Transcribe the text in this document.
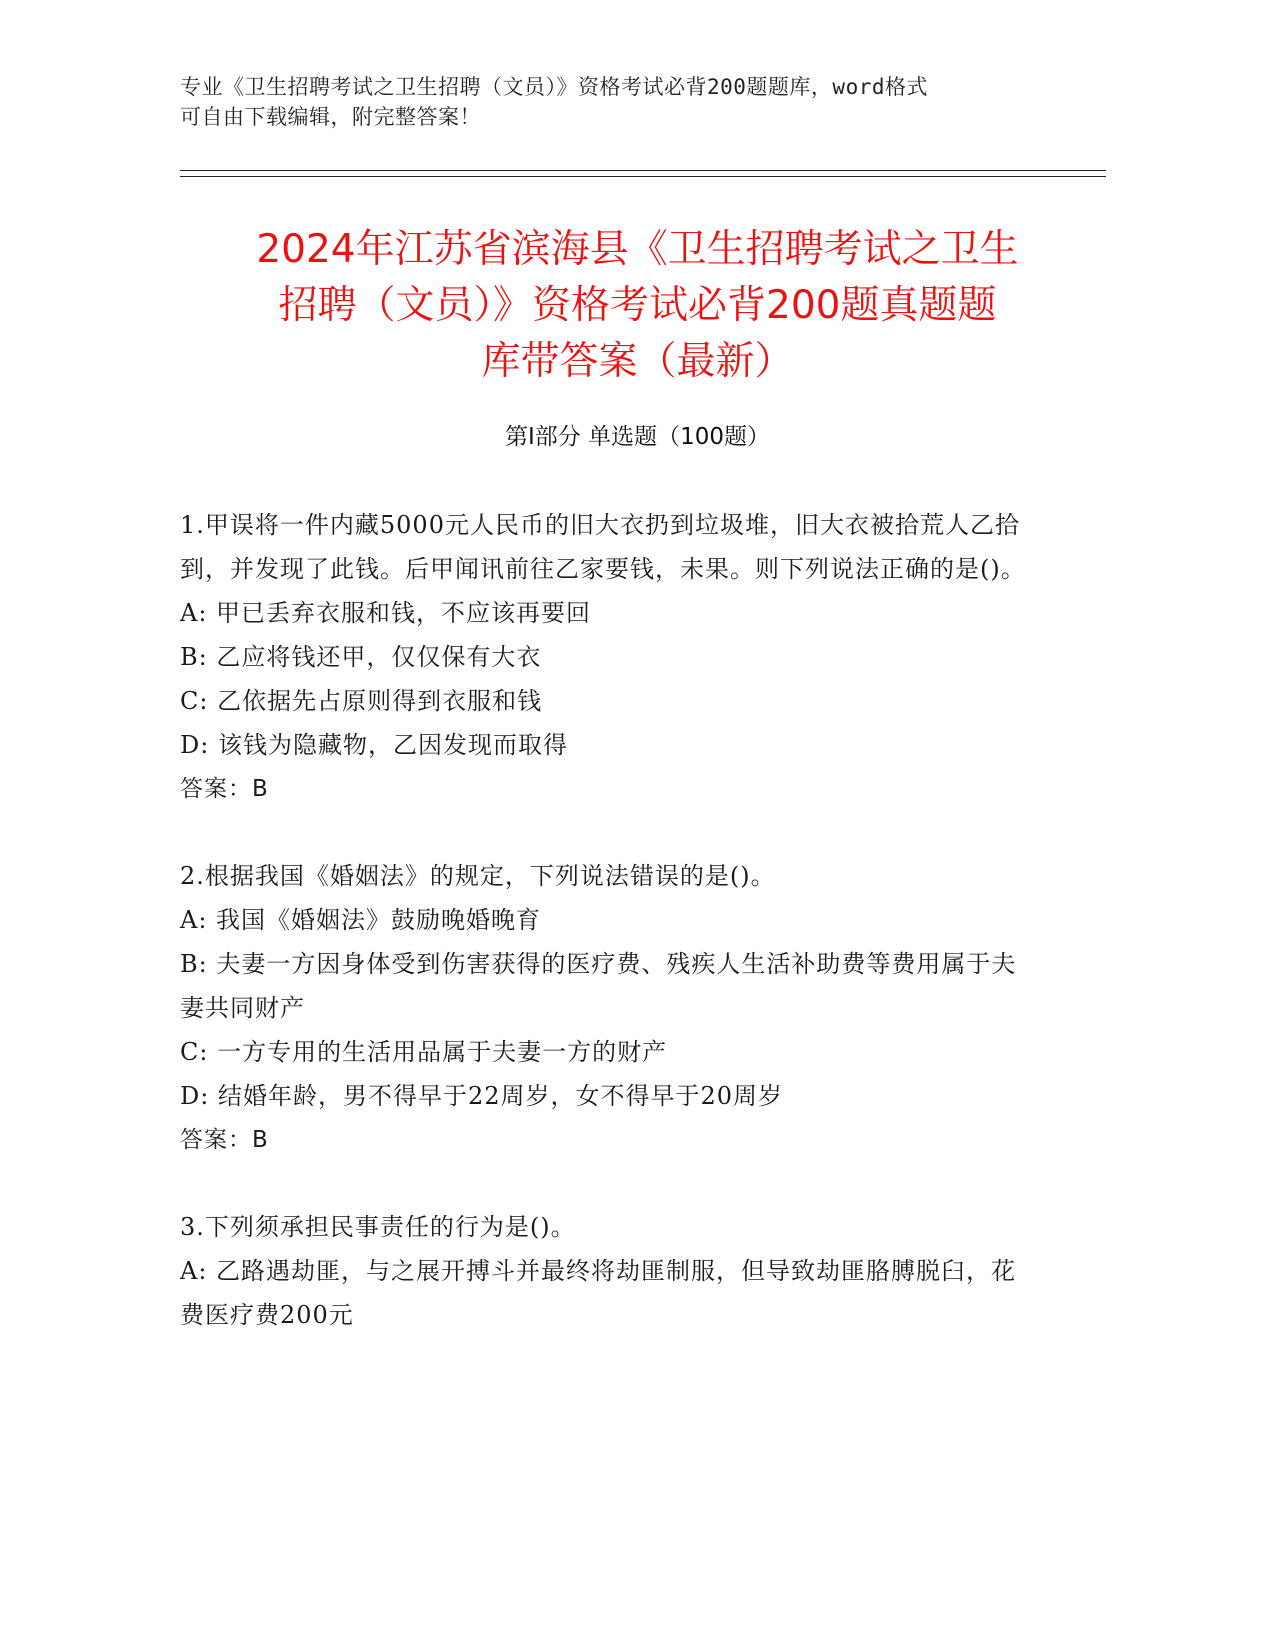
专业《卫生招聘考试之卫生招聘（文员）》资格考试必背200题题库，word格式
可自由下载编辑，附完整答案！
2024年江苏省滨海县《卫生招聘考试之卫生
招聘（文员）》资格考试必背200题真题题
库带答案（最新）
第Ⅰ部分 单选题（100题）

1.甲误将一件内藏5000元人民币的旧大衣扔到垃圾堆，旧大衣被拾荒人乙拾到，并发现了此钱。后甲闻讯前往乙家要钱，未果。则下列说法正确的是()。

A: 甲已丢弃衣服和钱，不应该再要回

B: 乙应将钱还甲，仅仅保有大衣

C: 乙依据先占原则得到衣服和钱

D: 该钱为隐藏物，乙因发现而取得

答案：B

2.根据我国《婚姻法》的规定，下列说法错误的是()。

A: 我国《婚姻法》鼓励晚婚晚育

B: 夫妻一方因身体受到伤害获得的医疗费、残疾人生活补助费等费用属于夫妻共同财产

C: 一方专用的生活用品属于夫妻一方的财产

D: 结婚年龄，男不得早于22周岁，女不得早于20周岁

答案：B

3.下列须承担民事责任的行为是()。

A: 乙路遇劫匪，与之展开搏斗并最终将劫匪制服，但导致劫匪胳膊脱臼，花费医疗费200元
